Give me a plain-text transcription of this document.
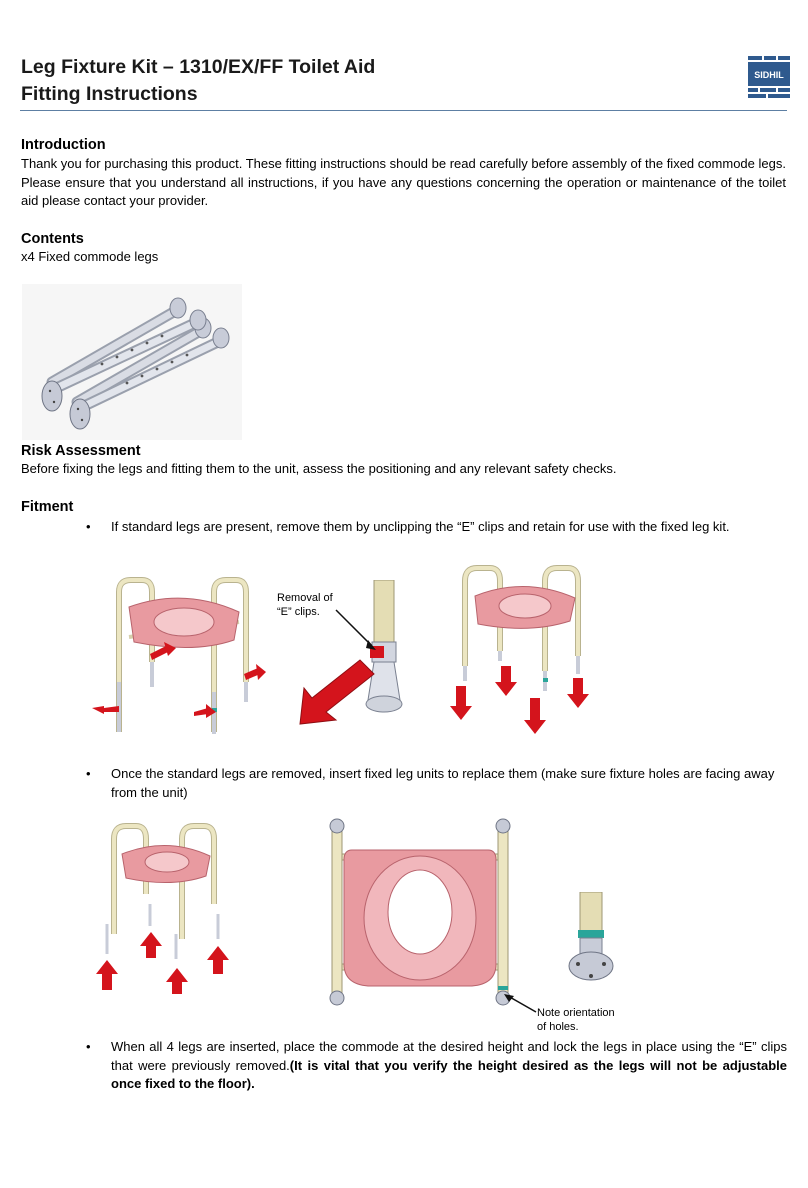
Leg Fixture Kit – 1310/EX/FF Toilet Aid
Fitting Instructions
SIDHIL
Introduction
Thank you for purchasing this product. These fitting instructions should be read carefully before assembly of the fixed commode legs. Please ensure that you understand all instructions, if you have any questions concerning the operation or maintenance of the toilet aid please contact your provider.
Contents
x4 Fixed commode legs
Risk Assessment
Before fixing the legs and fitting them to the unit, assess the positioning and any relevant safety checks.
Fitment
• If standard legs are present, remove them by unclipping the “E” clips and retain for use with the fixed leg kit.
Removal of
“E” clips.
• Once the standard legs are removed, insert fixed leg units to replace them (make sure fixture holes are facing away from the unit)
Note orientation
of holes.
• When all 4 legs are inserted, place the commode at the desired height and lock the legs in place using the “E” clips that were previously removed.(It is vital that you verify the height desired as the legs will not be adjustable once fixed to the floor).
